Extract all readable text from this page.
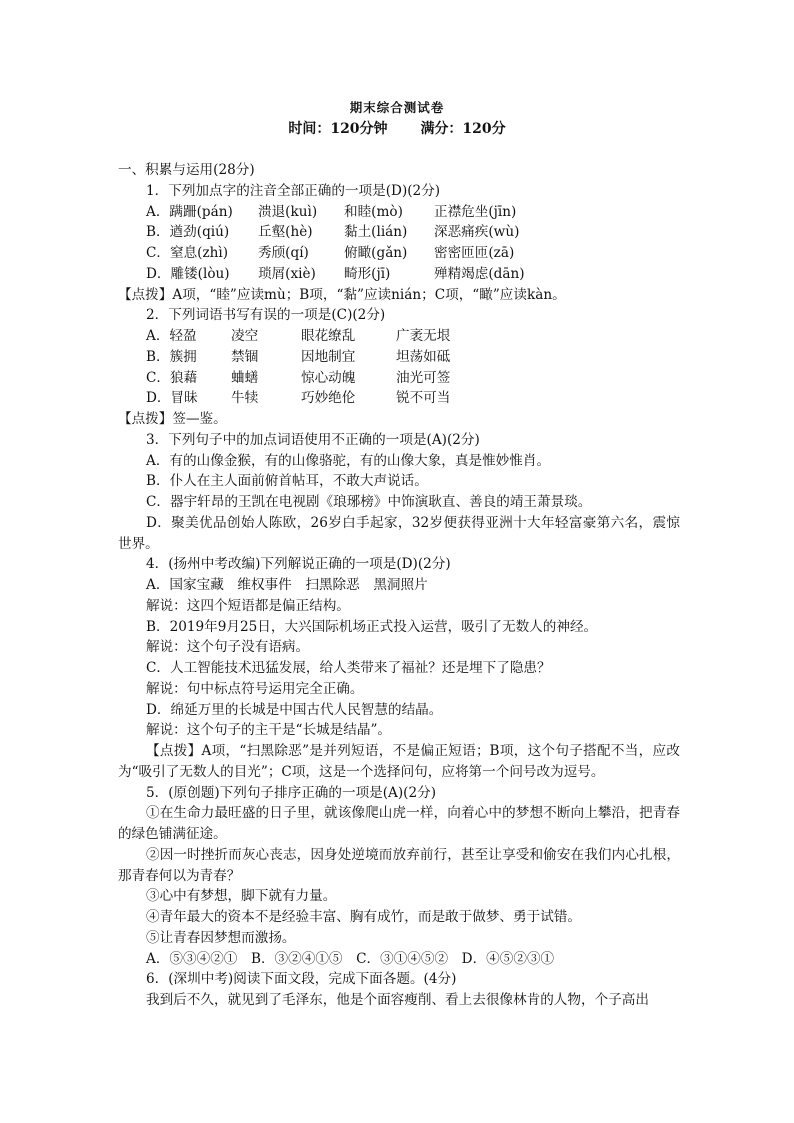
期末综合测试卷
时间：120分钟 满分：120分
一、积累与运用(28分)
1．下列加点字的注音全部正确的一项是(D)(2分)
A．蹒跚(pán) 溃退(kuì) 和睦(mò) 正襟危坐(jīn)
B．遒劲(qiú) 丘壑(hè) 黏土(lián) 深恶痛疾(wù)
C．窒息(zhì) 秀颀(qí)	俯瞰(gǎn) 密密匝匝(zā)
D．雕镂(lòu) 琐屑(xiè) 畸形(jī)	殚精竭虑(dān)
【点拨】A项，“睦”应读mù；B项，“黏”应读nián；C项，“瞰”应读kàn。
2．下列词语书写有误的一项是(C)(2分)
A．轻盈	凌空	眼花缭乱	广袤无垠
B．簇拥	禁锢	因地制宜	坦荡如砥
C．狼藉 蛐蟮	惊心动魄	油光可签
D．冒昧 牛犊	巧妙绝伦	锐不可当
【点拨】签—鉴。
3．下列句子中的加点词语使用不正确的一项是(A)(2分)
A．有的山像金猴，有的山像骆驼，有的山像大象，真是惟妙惟肖。
B．仆人在主人面前俯首帖耳，不敢大声说话。
C．器宇轩昂的王凯在电视剧《琅琊榜》中饰演耿直、善良的靖王萧景琰。
D．聚美优品创始人陈欧，26岁白手起家，32岁便获得亚洲十大年轻富豪第六名，震惊世界。
4．(扬州中考改编)下列解说正确的一项是(D)(2分)
A．国家宝藏　维权事件　扫黑除恶　黑洞照片
解说：这四个短语都是偏正结构。
B．2019年9月25日，大兴国际机场正式投入运营，吸引了无数人的神经。
解说：这个句子没有语病。
C．人工智能技术迅猛发展，给人类带来了福祉？还是埋下了隐患？
解说：句中标点符号运用完全正确。
D．绵延万里的长城是中国古代人民智慧的结晶。
解说：这个句子的主干是“长城是结晶”。
【点拨】A项，“扫黑除恶”是并列短语，不是偏正短语；B项，这个句子搭配不当，应改为“吸引了无数人的目光”；C项，这是一个选择问句，应将第一个问号改为逗号。
5．(原创题)下列句子排序正确的一项是(A)(2分)
①在生命力最旺盛的日子里，就该像爬山虎一样，向着心中的梦想不断向上攀沿，把青春的绿色铺满征途。
②因一时挫折而灰心丧志，因身处逆境而放弃前行，甚至让享受和偷安在我们内心扎根，那青春何以为青春？
③心中有梦想，脚下就有力量。
④青年最大的资本不是经验丰富、胸有成竹，而是敢于做梦、勇于试错。
⑤让青春因梦想而激扬。
A．⑤③④②①　B．③②④①⑤　C．③①④⑤②　D．④⑤②③①
6．(深圳中考)阅读下面文段，完成下面各题。(4分)
我到后不久，就见到了毛泽东，他是个面容瘦削、看上去很像林肯的人物，个子高出
